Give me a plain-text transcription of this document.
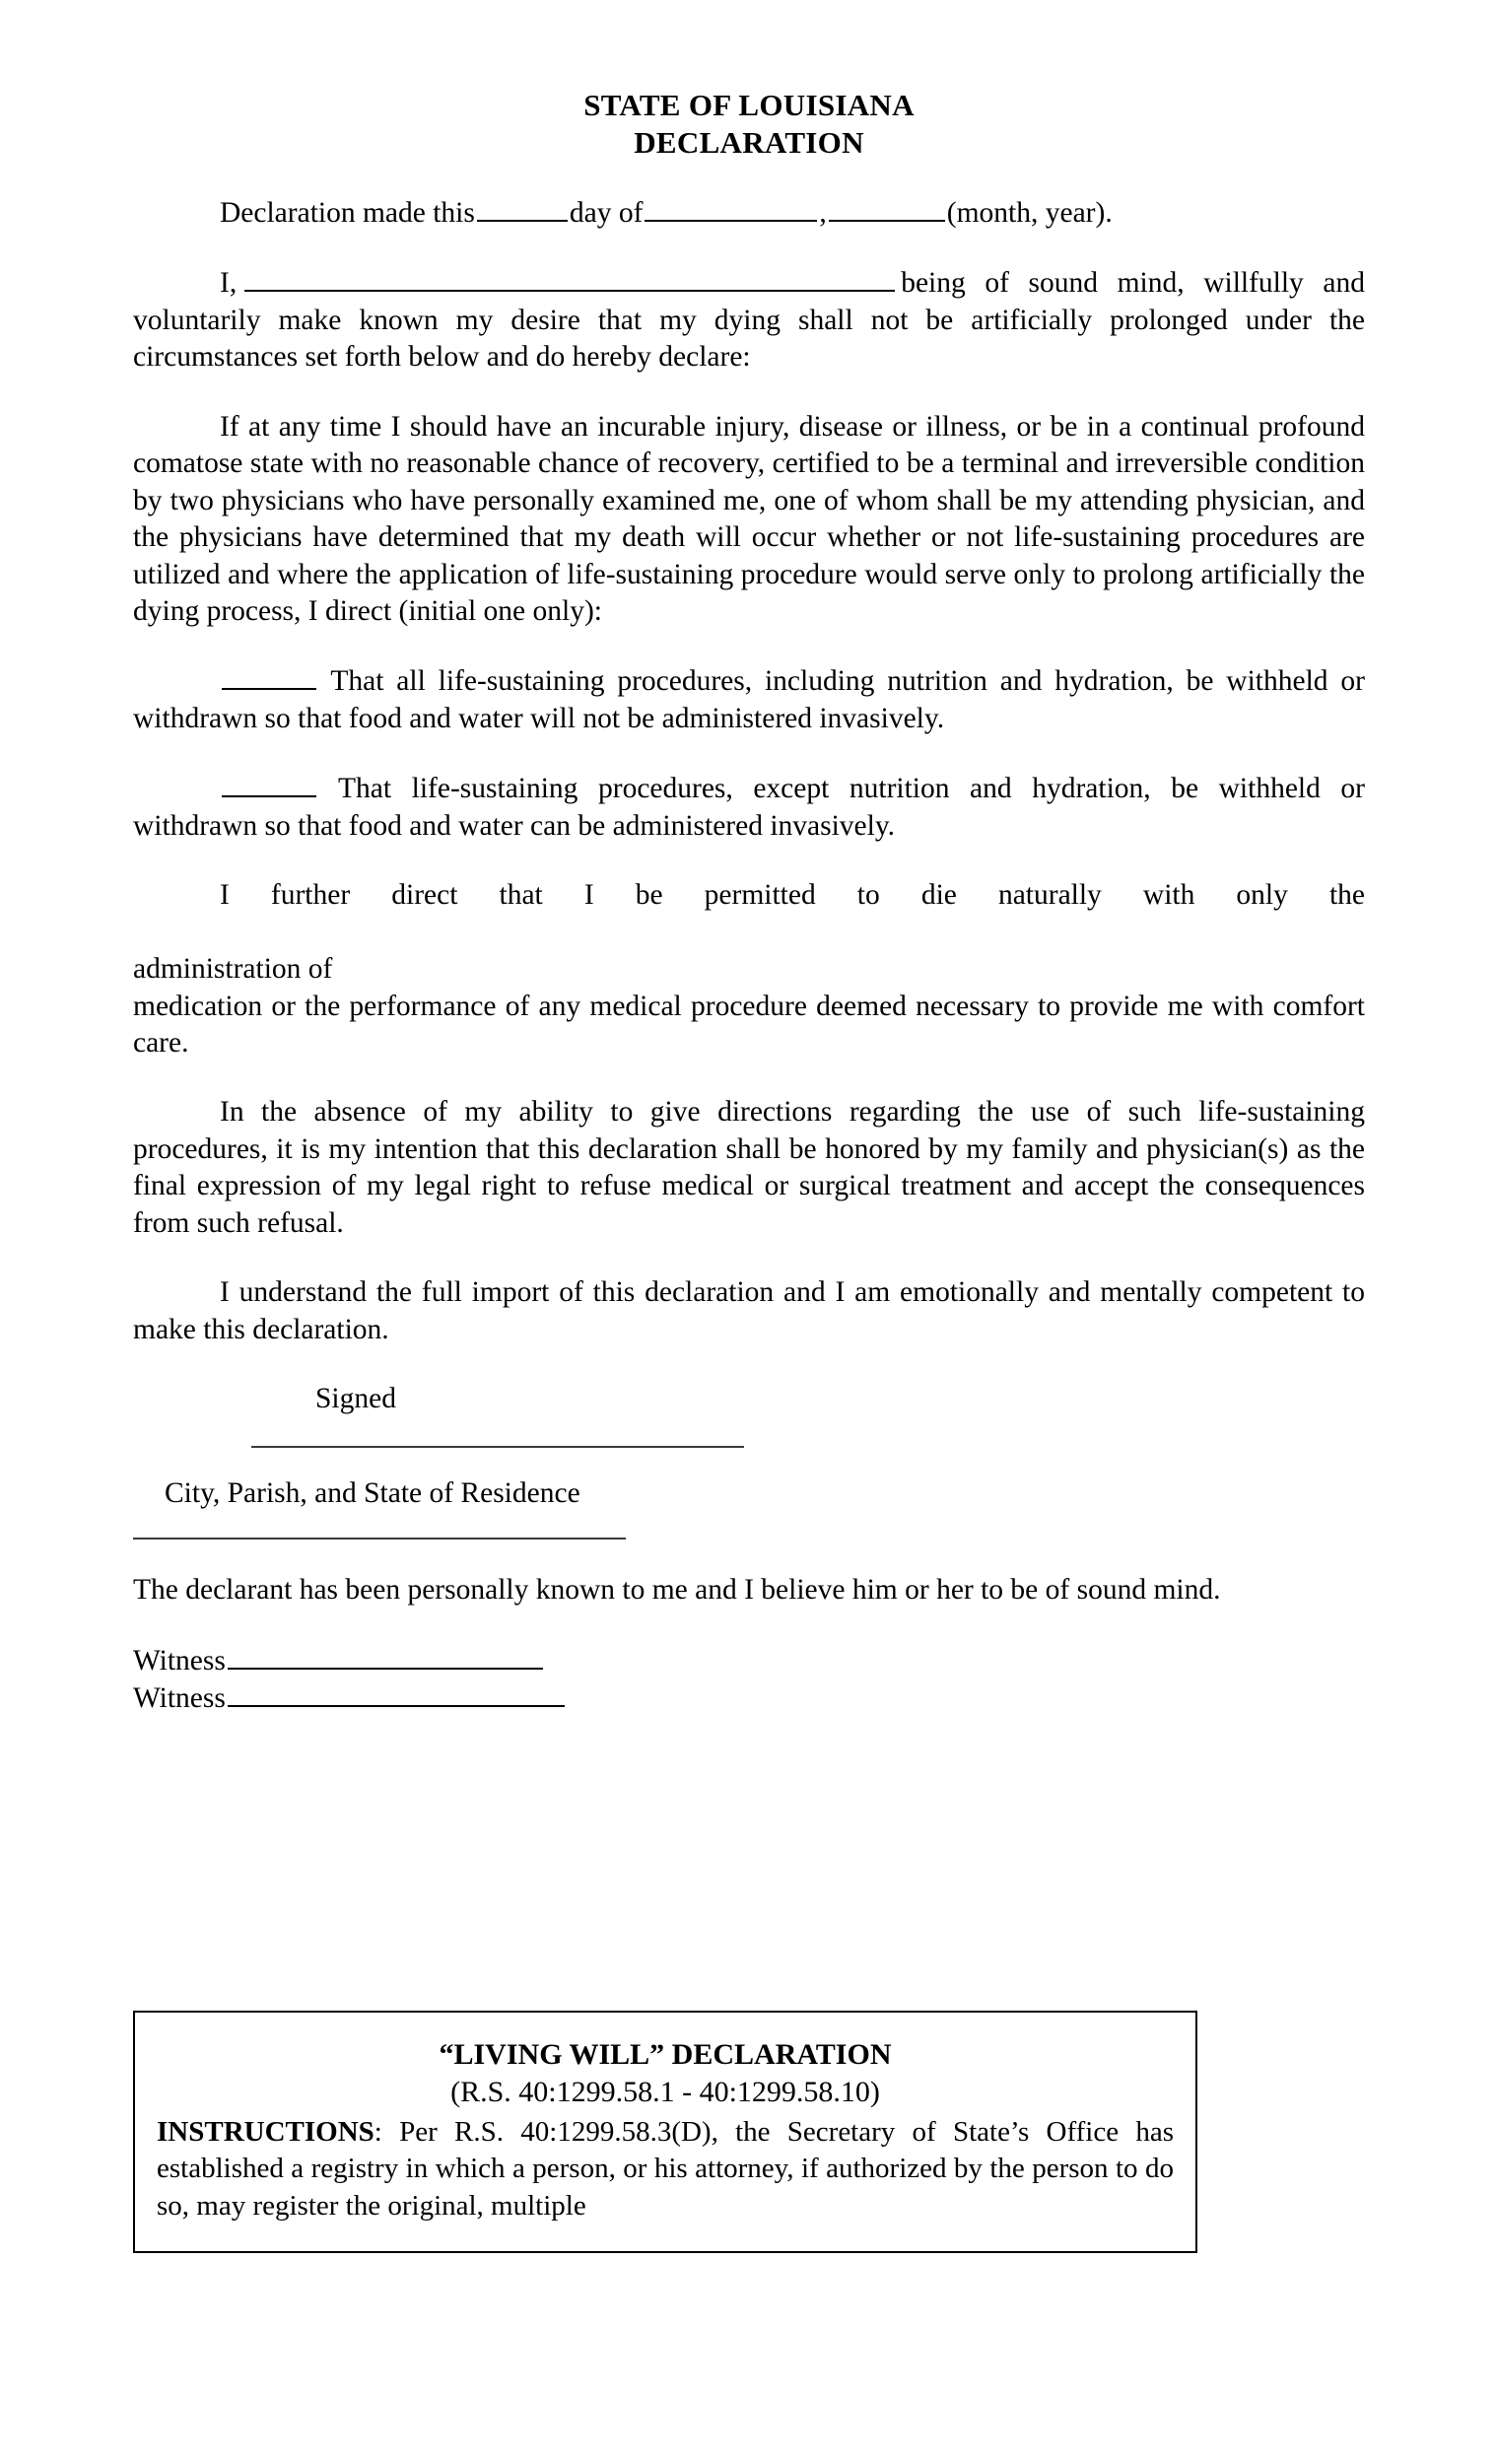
STATE OF LOUISIANA
DECLARATION

Declaration made this	day of	,	(month, year).

I,	being of sound mind, willfully and voluntarily make known my desire that my dying shall not be artificially prolonged under the circumstances set forth below and do hereby declare:

If at any time I should have an incurable injury, disease or illness, or be in a continual profound comatose state with no reasonable chance of recovery, certified to be a terminal and irreversible condition by two physicians who have personally examined me, one of whom shall be my attending physician, and the physicians have determined that my death will occur whether or not life-sustaining procedures are utilized and where the application of life-sustaining procedure would serve only to prolong artificially the dying process, I direct (initial one only):

That all life-sustaining procedures, including nutrition and hydration, be withheld or withdrawn so that food and water will not be administered invasively.

That life-sustaining procedures, except nutrition and hydration, be withheld or withdrawn so that food and water can be administered invasively.

I further direct that I be permitted to die naturally with only the

administration of

medication or the performance of any medical procedure deemed necessary to provide me with comfort care.

In the absence of my ability to give directions regarding the use of such life-sustaining procedures, it is my intention that this declaration shall be honored by my family and physician(s) as the final expression of my legal right to refuse medical or surgical treatment and accept the consequences from such refusal.

I understand the full import of this declaration and I am emotionally and mentally competent to make this declaration.

Signed
City, Parish, and State of Residence

The declarant has been personally known to me and I believe him or her to be of sound mind.

Witness
Witness
“LIVING WILL” DECLARATION
(R.S. 40:1299.58.1 - 40:1299.58.10)
INSTRUCTIONS: Per R.S. 40:1299.58.3(D), the Secretary of State’s Office has established a registry in which a person, or his attorney, if authorized by the person to do so, may register the original, multiple
